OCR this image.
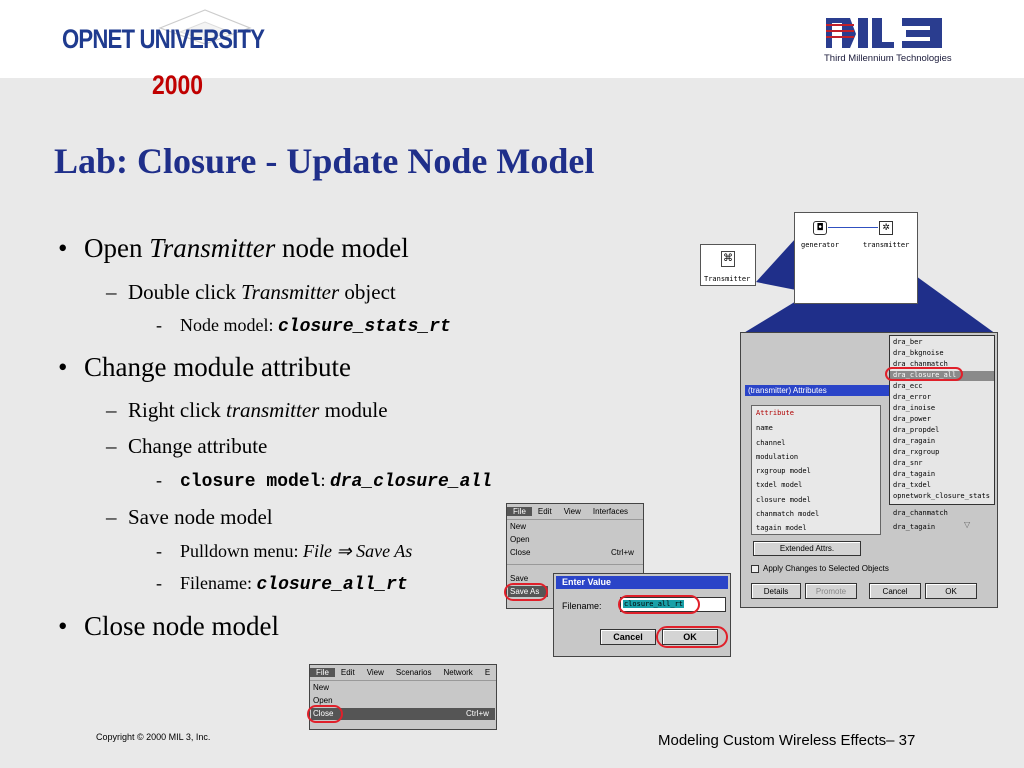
OPNET UNIVERSITY
2000
Third Millennium Technologies
Lab: Closure - Update Node Model
• Open Transmitter node model
– Double click Transmitter object
- Node model: closure_stats_rt
• Change module attribute
– Right click transmitter module
– Change attribute
- closure model: dra_closure_all
– Save node model
- Pulldown menu: File ⇒ Save As
- Filename: closure_all_rt
• Close node model
◘	✲
generator	transmitter
⌘
Transmitter
(transmitter) Attributes
Attribute
name
channel
modulation
rxgroup model
txdel model
closure model
chanmatch model
tagain model
dra_chanmatch
dra_tagain	▽
dra_ber
dra_bkgnoise
dra_chanmatch
dra_closure_all
dra_ecc
dra_error
dra_inoise
dra_power
dra_propdel
dra_ragain
dra_rxgroup
dra_snr
dra_tagain
dra_txdel
opnetwork_closure_stats
Extended Attrs.
Apply Changes to Selected Objects
Details	Promote	Cancel	OK
File	Edit	View	Interfaces
New
Open
Close	Ctrl+w
Save
Save As
Enter Value
Filename:	closure_all_rt
Cancel	OK
File	Edit	View	Scenarios	Network	E
New
Open
Close	Ctrl+w
Copyright © 2000 MIL 3, Inc.	Modeling Custom Wireless Effects– 37
